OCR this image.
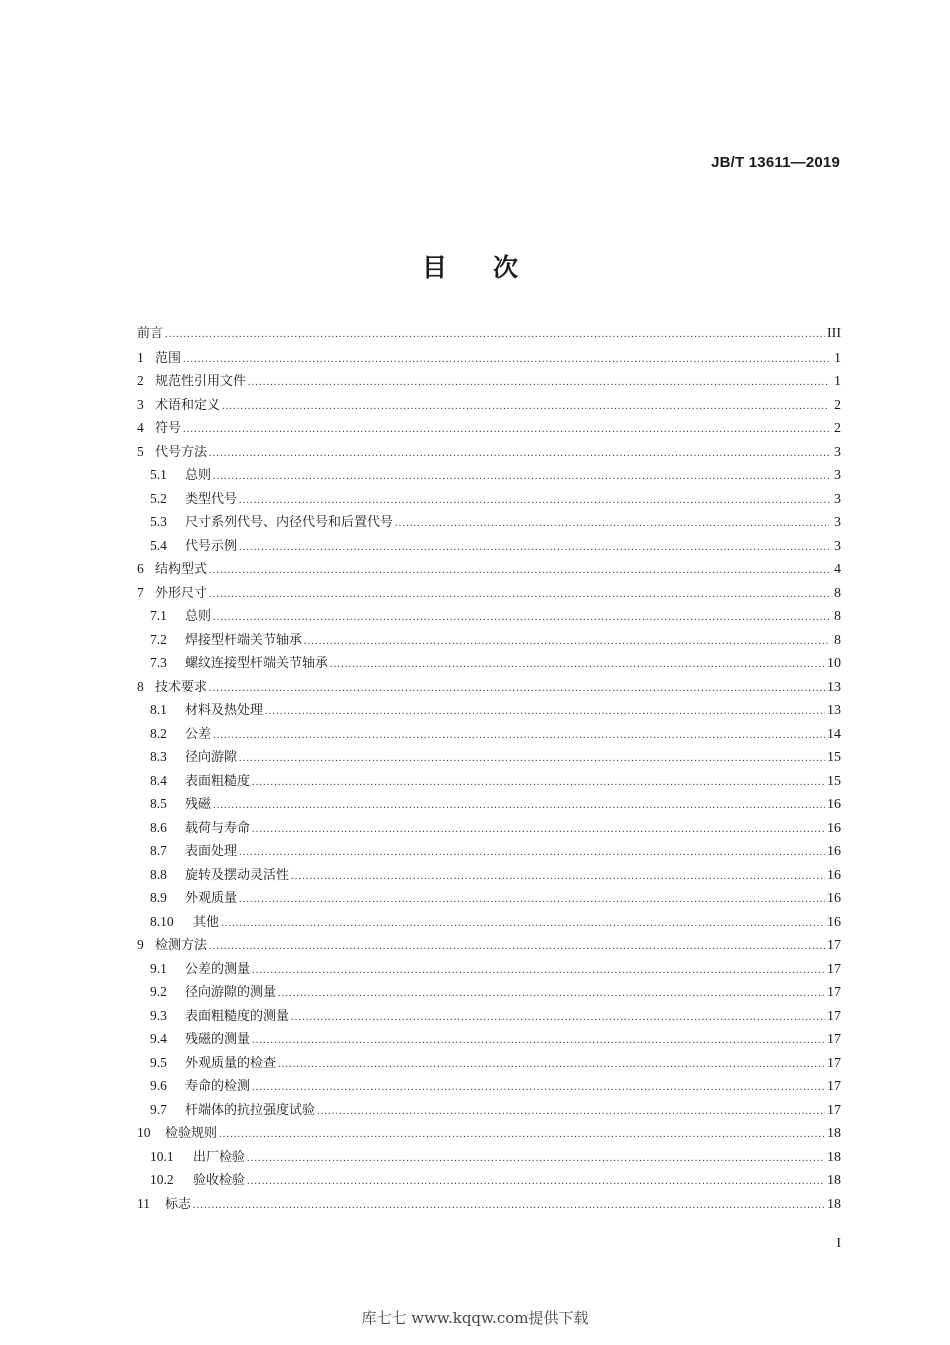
JB/T 13611—2019
目次
前言 .....	III
1 范围 .....	1
2 规范性引用文件 .....	1
3 术语和定义 .....	2
4 符号 .....	2
5 代号方法 .....	3
5.1	总则 .....	3
5.2	类型代号 .....	3
5.3	尺寸系列代号、内径代号和后置代号 .....	3
5.4	代号示例 .....	3
6 结构型式 .....	4
7 外形尺寸 .....	8
7.1	总则 .....	8
7.2	焊接型杆端关节轴承 .....	8
7.3	螺纹连接型杆端关节轴承 .....	10
8 技术要求 .....	13
8.1	材料及热处理 .....	13
8.2	公差 .....	14
8.3	径向游隙 .....	15
8.4	表面粗糙度 .....	15
8.5	残磁 .....	16
8.6	载荷与寿命 .....	16
8.7	表面处理 .....	16
8.8	旋转及摆动灵活性 .....	16
8.9	外观质量 .....	16
8.10	其他 .....	16
9 检测方法 .....	17
9.1	公差的测量 .....	17
9.2	径向游隙的测量 .....	17
9.3	表面粗糙度的测量 .....	17
9.4	残磁的测量 .....	17
9.5	外观质量的检查 .....	17
9.6	寿命的检测 .....	17
9.7	杆端体的抗拉强度试验 .....	17
10	检验规则 .....	18
10.1	出厂检验 .....	18
10.2	验收检验 .....	18
11	标志 .....	18
I
库七七 www.kqqw.com提供下载
